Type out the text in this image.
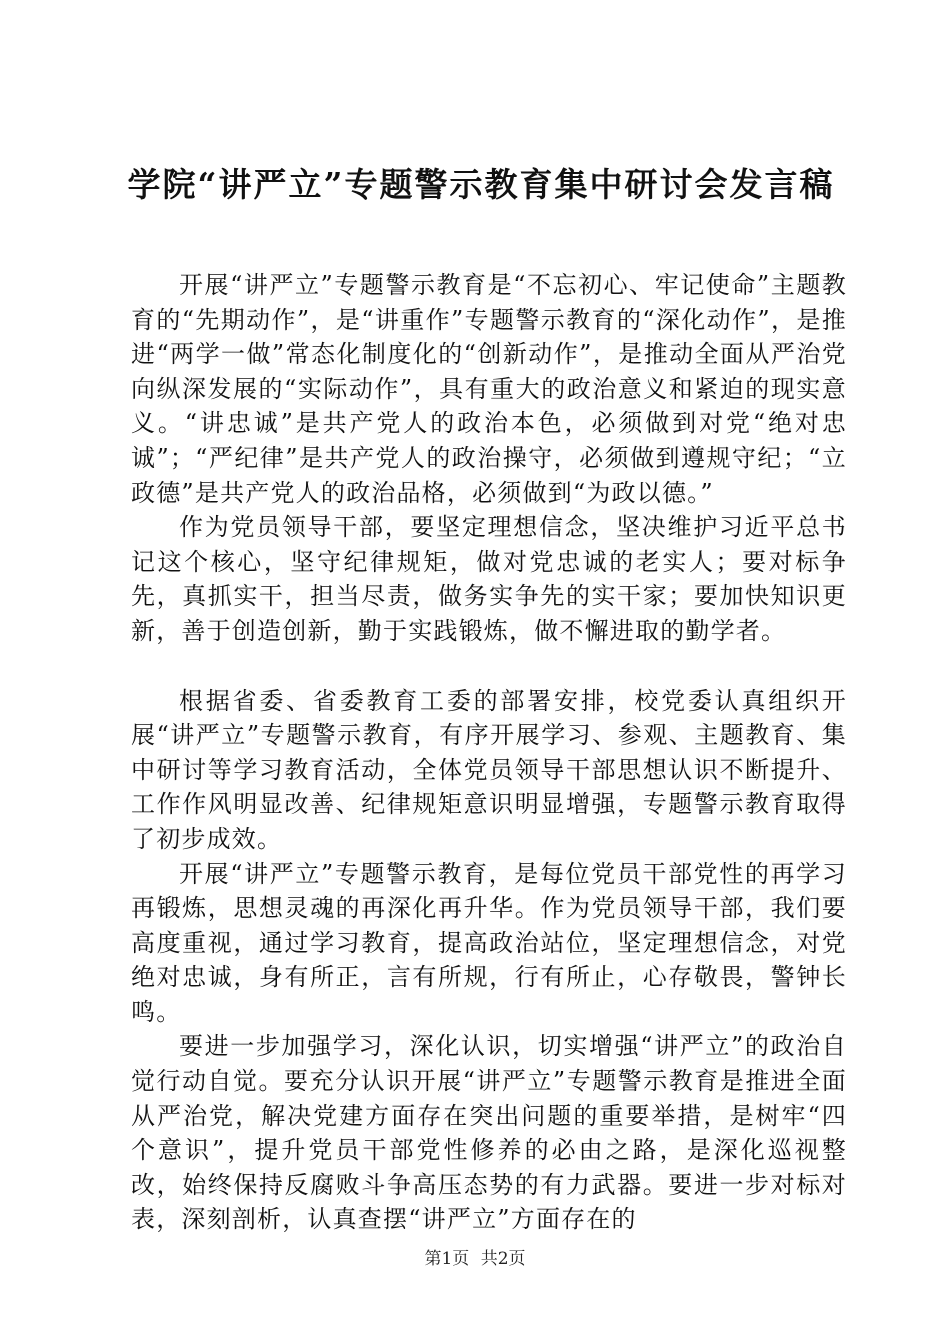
学院“讲严立”专题警示教育集中研讨会发言稿

开展“讲严立”专题警示教育是“不忘初心、牢记使命”主题教育的“先期动作”，是“讲重作”专题警示教育的“深化动作”，是推进“两学一做”常态化制度化的“创新动作”，是推动全面从严治党向纵深发展的“实际动作”，具有重大的政治意义和紧迫的现实意义。“讲忠诚”是共产党人的政治本色，必须做到对党“绝对忠诚”；“严纪律”是共产党人的政治操守，必须做到遵规守纪；“立政德”是共产党人的政治品格，必须做到“为政以德。”

作为党员领导干部，要坚定理想信念，坚决维护习近平总书记这个核心，坚守纪律规矩，做对党忠诚的老实人；要对标争先，真抓实干，担当尽责，做务实争先的实干家；要加快知识更新，善于创造创新，勤于实践锻炼，做不懈进取的勤学者。

根据省委、省委教育工委的部署安排，校党委认真组织开展“讲严立”专题警示教育，有序开展学习、参观、主题教育、集中研讨等学习教育活动，全体党员领导干部思想认识不断提升、工作作风明显改善、纪律规矩意识明显增强，专题警示教育取得了初步成效。

开展“讲严立”专题警示教育，是每位党员干部党性的再学习再锻炼，思想灵魂的再深化再升华。作为党员领导干部，我们要高度重视，通过学习教育，提高政治站位，坚定理想信念，对党绝对忠诚，身有所正，言有所规，行有所止，心存敬畏，警钟长鸣。

要进一步加强学习，深化认识，切实增强“讲严立”的政治自觉行动自觉。要充分认识开展“讲严立”专题警示教育是推进全面从严治党，解决党建方面存在突出问题的重要举措，是树牢“四个意识”，提升党员干部党性修养的必由之路，是深化巡视整改，始终保持反腐败斗争高压态势的有力武器。要进一步对标对表，深刻剖析，认真查摆“讲严立”方面存在的

第1页 共2页
